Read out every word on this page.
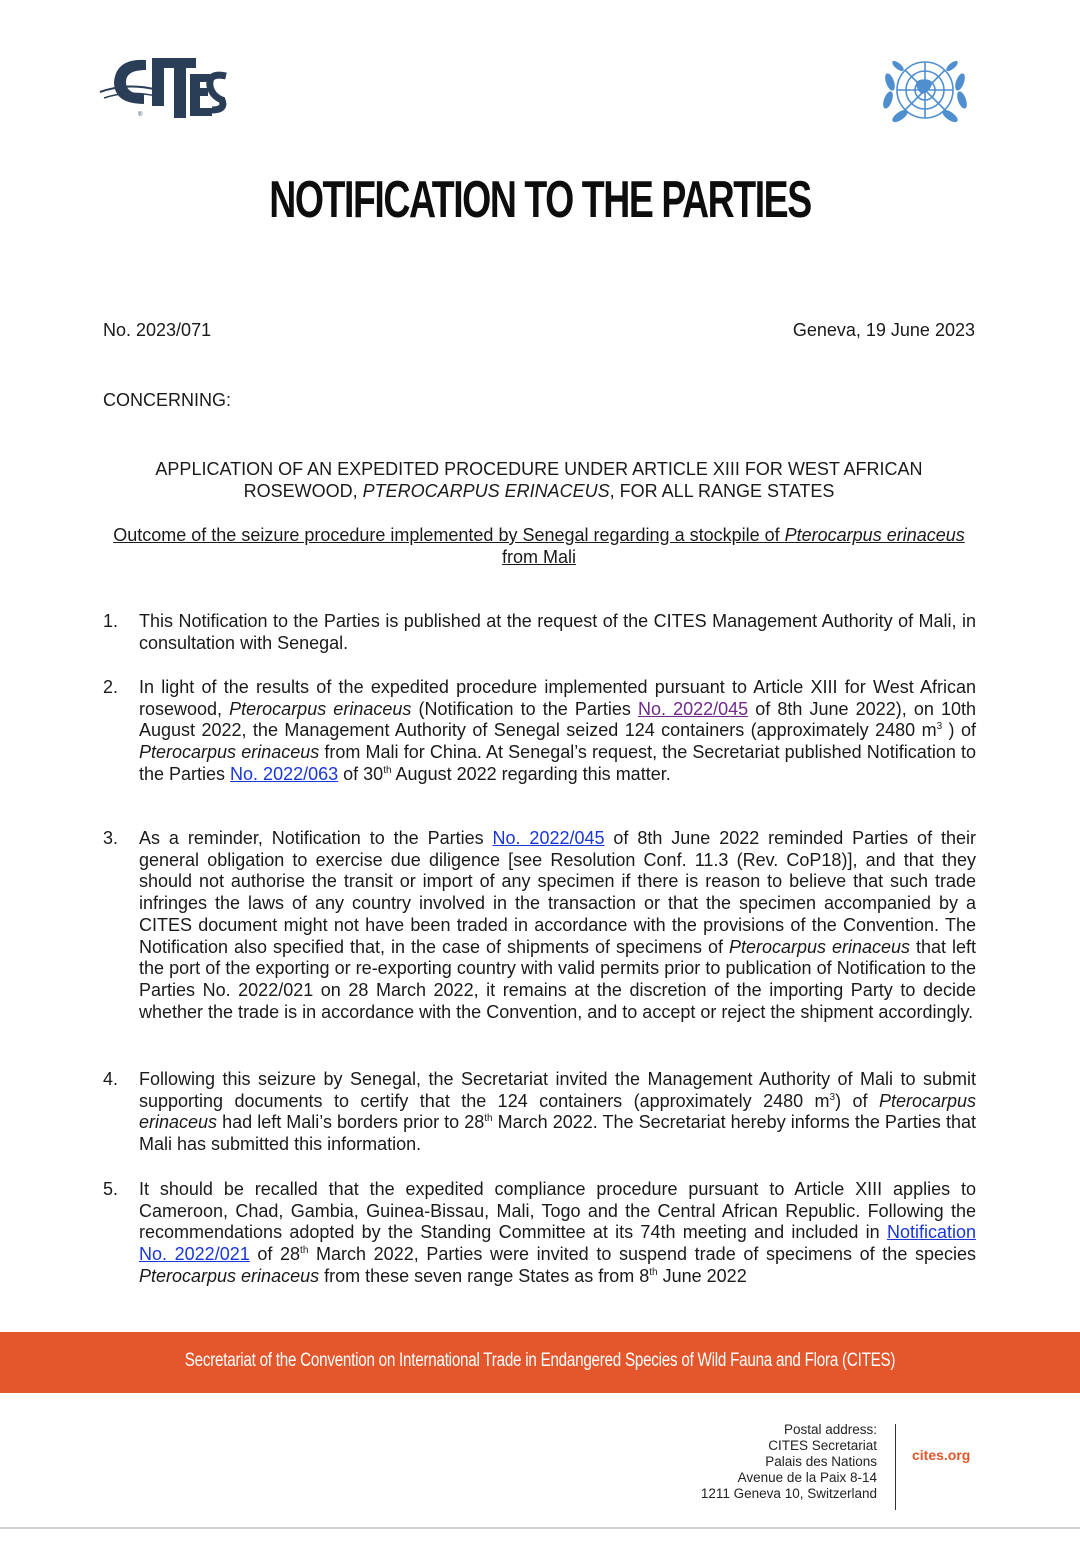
®
NOTIFICATION TO THE PARTIES
No. 2023/071	Geneva, 19 June 2023
CONCERNING:
APPLICATION OF AN EXPEDITED PROCEDURE UNDER ARTICLE XIII FOR WEST AFRICAN
ROSEWOOD, PTEROCARPUS ERINACEUS, FOR ALL RANGE STATES
Outcome of the seizure procedure implemented by Senegal regarding a stockpile of Pterocarpus erinaceus from Mali
1.	This Notification to the Parties is published at the request of the CITES Management Authority of Mali, in consultation with Senegal.
2.	In light of the results of the expedited procedure implemented pursuant to Article XIII for West African rosewood, Pterocarpus erinaceus (Notification to the Parties No. 2022/045 of 8th June 2022), on 10th August 2022, the Management Authority of Senegal seized 124 containers (approximately 2480 $m^3$ ) of Pterocarpus erinaceus from Mali for China. At Senegal’s request, the Secretariat published Notification to the Parties No. 2022/063 of 30th August 2022 regarding this matter.
3.	As a reminder, Notification to the Parties No. 2022/045 of 8th June 2022 reminded Parties of their general obligation to exercise due diligence [see Resolution Conf. 11.3 (Rev. CoP18)], and that they should not authorise the transit or import of any specimen if there is reason to believe that such trade infringes the laws of any country involved in the transaction or that the specimen accompanied by a CITES document might not have been traded in accordance with the provisions of the Convention. The Notification also specified that, in the case of shipments of specimens of Pterocarpus erinaceus that left the port of the exporting or re-exporting country with valid permits prior to publication of Notification to the Parties No. 2022/021 on 28 March 2022, it remains at the discretion of the importing Party to decide whether the trade is in accordance with the Convention, and to accept or reject the shipment accordingly.
4.	Following this seizure by Senegal, the Secretariat invited the Management Authority of Mali to submit supporting documents to certify that the 124 containers (approximately 2480 $m^3$) of Pterocarpus erinaceus had left Mali’s borders prior to 28th March 2022. The Secretariat hereby informs the Parties that Mali has submitted this information.
5.	It should be recalled that the expedited compliance procedure pursuant to Article XIII applies to Cameroon, Chad, Gambia, Guinea-Bissau, Mali, Togo and the Central African Republic. Following the recommendations adopted by the Standing Committee at its 74th meeting and included in Notification No. 2022/021 of 28th March 2022, Parties were invited to suspend trade of specimens of the species Pterocarpus erinaceus from these seven range States as from 8th June 2022
Secretariat of the Convention on International Trade in Endangered Species of Wild Fauna and Flora (CITES)
Postal address:
CITES Secretariat
Palais des Nations
Avenue de la Paix 8-14
1211 Geneva 10, Switzerland
cites.org
